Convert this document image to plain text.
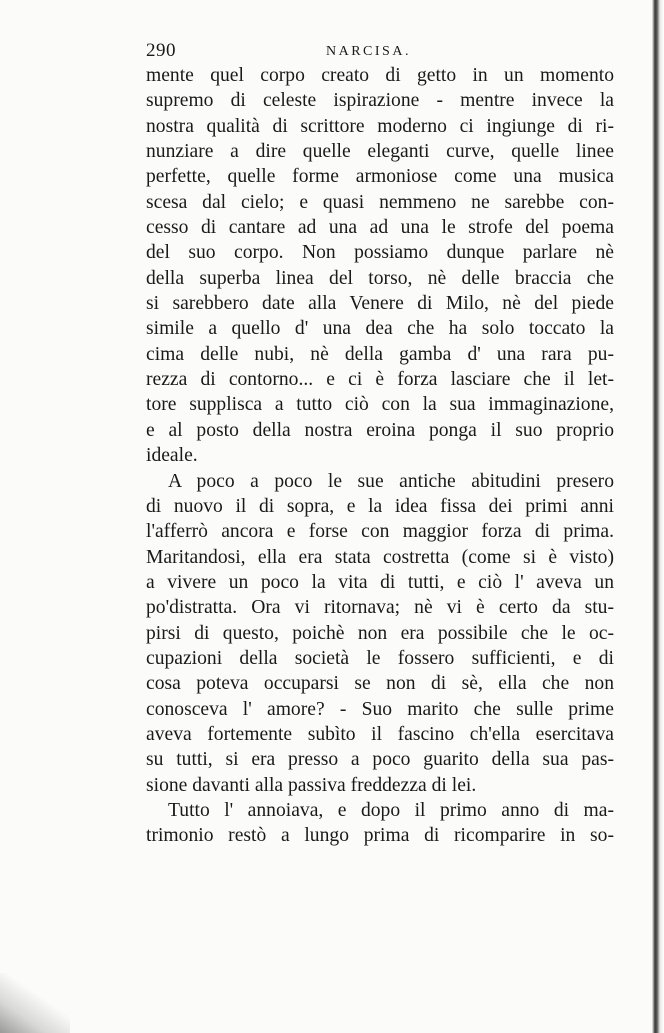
290	NARCISA.
mente quel corpo creato di getto in un momento
supremo di celeste ispirazione - mentre invece la
nostra qualità di scrittore moderno ci ingiunge di ri-
nunziare a dire quelle eleganti curve, quelle linee
perfette, quelle forme armoniose come una musica
scesa dal cielo; e quasi nemmeno ne sarebbe con-
cesso di cantare ad una ad una le strofe del poema
del suo corpo. Non possiamo dunque parlare nè
della superba linea del torso, nè delle braccia che
si sarebbero date alla Venere di Milo, nè del piede
simile a quello d' una dea che ha solo toccato la
cima delle nubi, nè della gamba d' una rara pu-
rezza di contorno... e ci è forza lasciare che il let-
tore supplisca a tutto ciò con la sua immaginazione,
e al posto della nostra eroina ponga il suo proprio
ideale.
A poco a poco le sue antiche abitudini presero
di nuovo il di sopra, e la idea fissa dei primi anni
l'afferrò ancora e forse con maggior forza di prima.
Maritandosi, ella era stata costretta (come si è visto)
a vivere un poco la vita di tutti, e ciò l' aveva un
po'distratta. Ora vi ritornava; nè vi è certo da stu-
pirsi di questo, poichè non era possibile che le oc-
cupazioni della società le fossero sufficienti, e di
cosa poteva occuparsi se non di sè, ella che non
conosceva l' amore? - Suo marito che sulle prime
aveva fortemente subìto il fascino ch'ella esercitava
su tutti, si era presso a poco guarito della sua pas-
sione davanti alla passiva freddezza di lei.
Tutto l' annoiava, e dopo il primo anno di ma-
trimonio restò a lungo prima di ricomparire in so-
